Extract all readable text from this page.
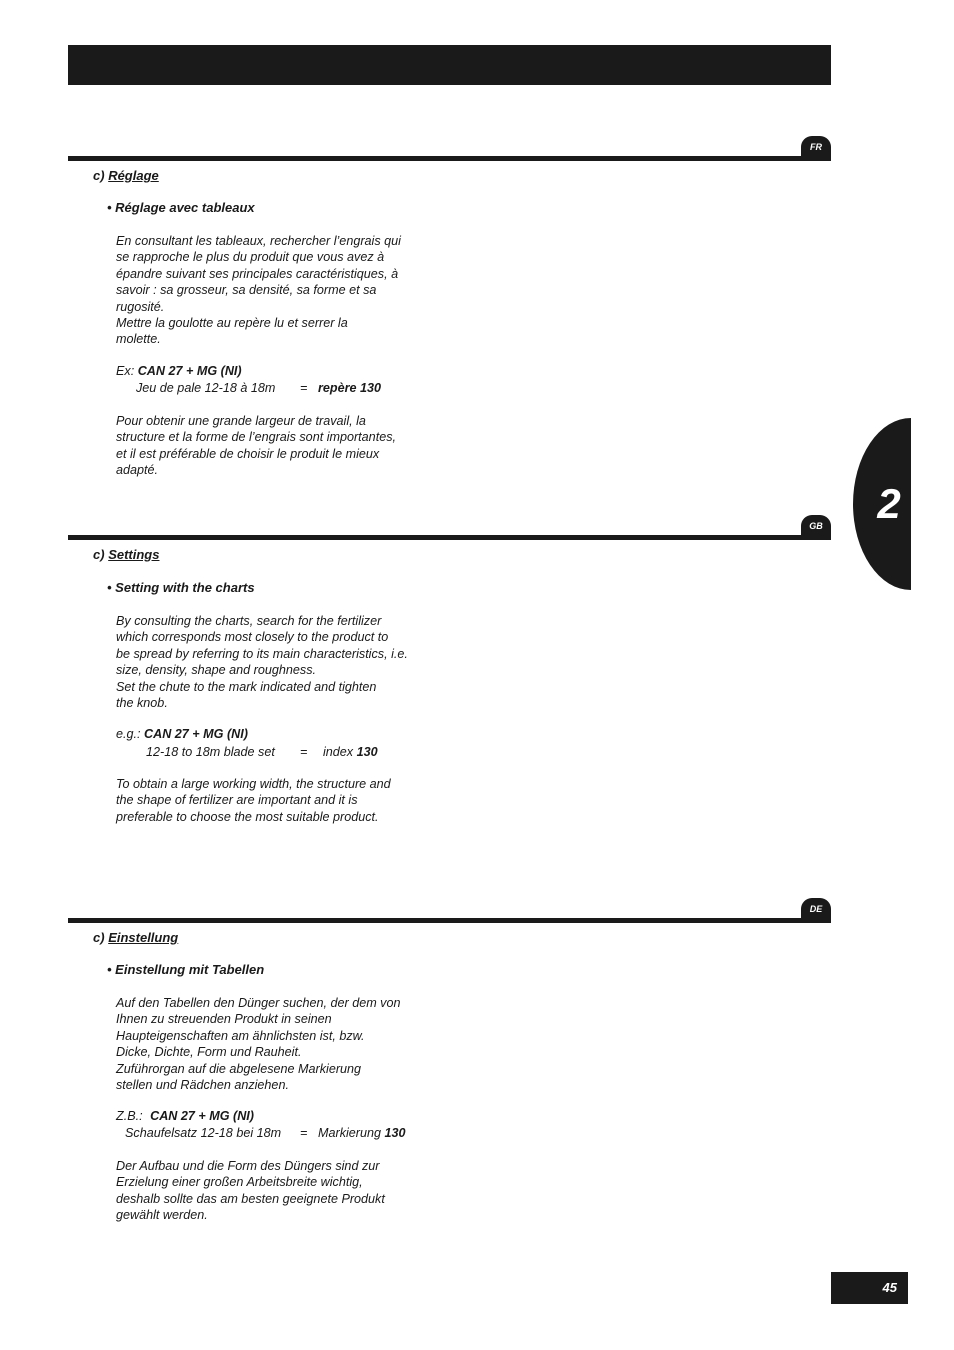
Réglages

/

Settings

/

Einstellungen

FR
c) Réglage
• Réglage avec tableaux
En consultant les tableaux, rechercher l’engrais qui
se rapproche le plus du produit que vous avez à
épandre suivant ses principales caractéristiques, à
savoir : sa grosseur, sa densité, sa forme et sa
rugosité.
Mettre la goulotte au repère lu et serrer la
molette.
Ex: CAN 27 + MG (NI)
Jeu de pale 12-18 à 18m = repère 130
Pour obtenir une grande largeur de travail, la
structure et la forme de l’engrais sont importantes,
et il est préférable de choisir le produit le mieux
adapté.
2
GB
c) Settings
• Setting with the charts
By consulting the charts, search for the fertilizer
which corresponds most closely to the product to
be spread by referring to its main characteristics, i.e.
size, density, shape and roughness.
Set the chute to the mark indicated and tighten
the knob.
e.g.: CAN 27 + MG (NI)
12-18 to 18m blade set = index 130
To obtain a large working width, the structure and
the shape of fertilizer are important and it is
preferable to choose the most suitable product.
DE
c) Einstellung
• Einstellung mit Tabellen
Auf den Tabellen den Dünger suchen, der dem von
Ihnen zu streuenden Produkt in seinen
Haupteigenschaften am ähnlichsten ist, bzw.
Dicke, Dichte, Form und Rauheit.
Zuführorgan auf die abgelesene Markierung
stellen und Rädchen anziehen.
Z.B.: CAN 27 + MG (NI)
Schaufelsatz 12-18 bei 18m = Markierung 130
Der Aufbau und die Form des Düngers sind zur
Erzielung einer großen Arbeitsbreite wichtig,
deshalb sollte das am besten geeignete Produkt
gewählt werden.
45
